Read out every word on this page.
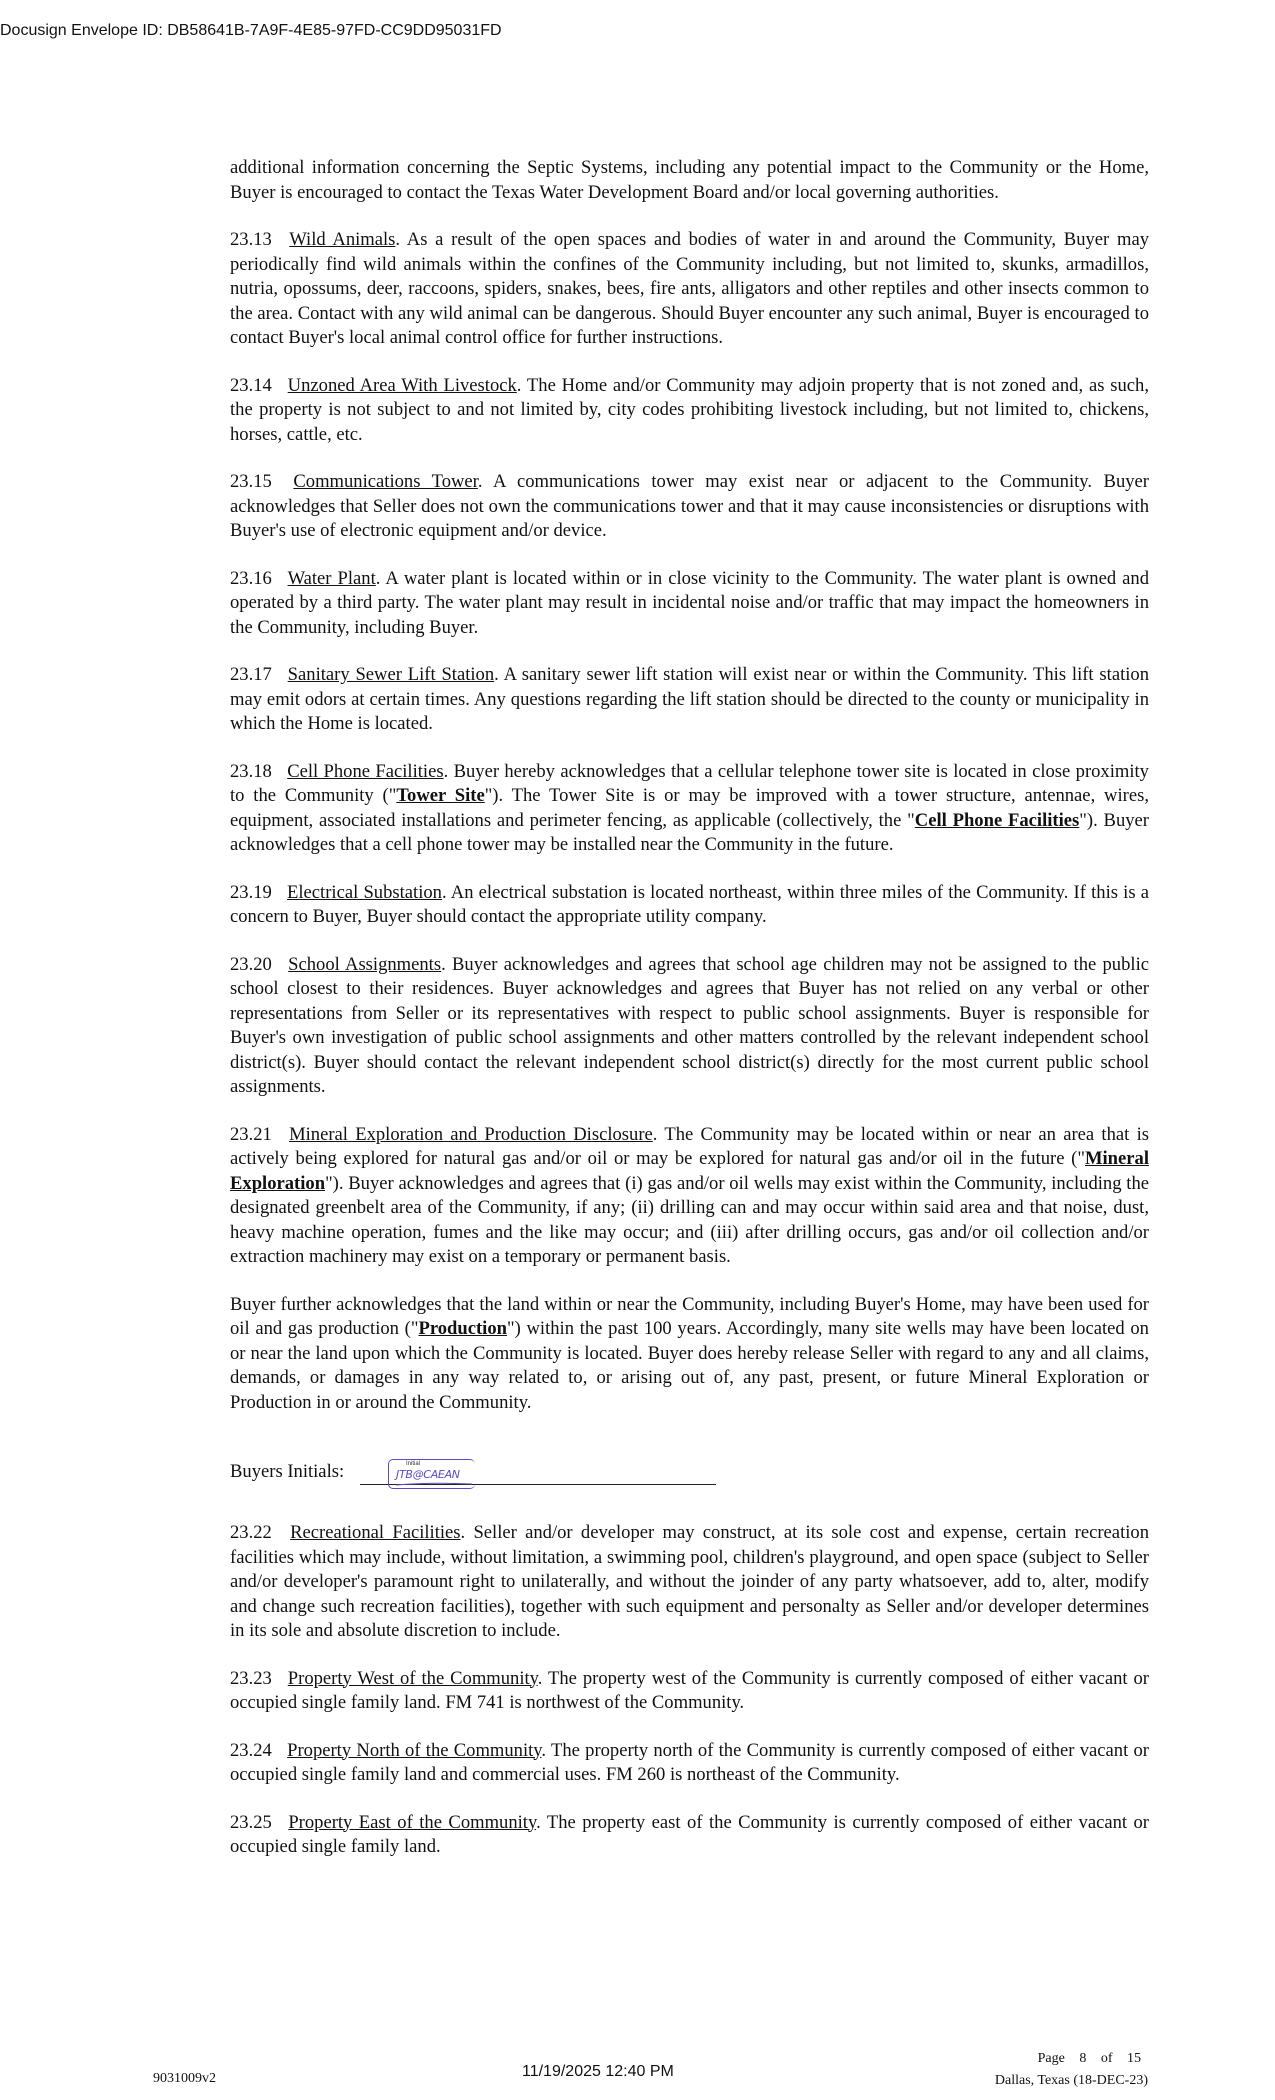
Docusign Envelope ID: DB58641B-7A9F-4E85-97FD-CC9DD95031FD

additional information concerning the Septic Systems, including any potential impact to the Community or the Home, Buyer is encouraged to contact the Texas Water Development Board and/or local governing authorities.

23.13 Wild Animals. As a result of the open spaces and bodies of water in and around the Community, Buyer may periodically find wild animals within the confines of the Community including, but not limited to, skunks, armadillos, nutria, opossums, deer, raccoons, spiders, snakes, bees, fire ants, alligators and other reptiles and other insects common to the area. Contact with any wild animal can be dangerous. Should Buyer encounter any such animal, Buyer is encouraged to contact Buyer's local animal control office for further instructions.

23.14 Unzoned Area With Livestock. The Home and/or Community may adjoin property that is not zoned and, as such, the property is not subject to and not limited by, city codes prohibiting livestock including, but not limited to, chickens, horses, cattle, etc.

23.15 Communications Tower. A communications tower may exist near or adjacent to the Community. Buyer acknowledges that Seller does not own the communications tower and that it may cause inconsistencies or disruptions with Buyer's use of electronic equipment and/or device.

23.16 Water Plant. A water plant is located within or in close vicinity to the Community. The water plant is owned and operated by a third party. The water plant may result in incidental noise and/or traffic that may impact the homeowners in the Community, including Buyer.

23.17 Sanitary Sewer Lift Station. A sanitary sewer lift station will exist near or within the Community. This lift station may emit odors at certain times. Any questions regarding the lift station should be directed to the county or municipality in which the Home is located.

23.18 Cell Phone Facilities. Buyer hereby acknowledges that a cellular telephone tower site is located in close proximity to the Community ("Tower Site"). The Tower Site is or may be improved with a tower structure, antennae, wires, equipment, associated installations and perimeter fencing, as applicable (collectively, the "Cell Phone Facilities"). Buyer acknowledges that a cell phone tower may be installed near the Community in the future.

23.19 Electrical Substation. An electrical substation is located northeast, within three miles of the Community. If this is a concern to Buyer, Buyer should contact the appropriate utility company.

23.20 School Assignments. Buyer acknowledges and agrees that school age children may not be assigned to the public school closest to their residences. Buyer acknowledges and agrees that Buyer has not relied on any verbal or other representations from Seller or its representatives with respect to public school assignments. Buyer is responsible for Buyer's own investigation of public school assignments and other matters controlled by the relevant independent school district(s). Buyer should contact the relevant independent school district(s) directly for the most current public school assignments.

23.21 Mineral Exploration and Production Disclosure. The Community may be located within or near an area that is actively being explored for natural gas and/or oil or may be explored for natural gas and/or oil in the future ("Mineral Exploration"). Buyer acknowledges and agrees that (i) gas and/or oil wells may exist within the Community, including the designated greenbelt area of the Community, if any; (ii) drilling can and may occur within said area and that noise, dust, heavy machine operation, fumes and the like may occur; and (iii) after drilling occurs, gas and/or oil collection and/or extraction machinery may exist on a temporary or permanent basis.

Buyer further acknowledges that the land within or near the Community, including Buyer's Home, may have been used for oil and gas production ("Production") within the past 100 years. Accordingly, many site wells may have been located on or near the land upon which the Community is located. Buyer does hereby release Seller with regard to any and all claims, demands, or damages in any way related to, or arising out of, any past, present, or future Mineral Exploration or Production in or around the Community.

Buyers Initials:	Initial
JTB@CAEAN

23.22 Recreational Facilities. Seller and/or developer may construct, at its sole cost and expense, certain recreation facilities which may include, without limitation, a swimming pool, children's playground, and open space (subject to Seller and/or developer's paramount right to unilaterally, and without the joinder of any party whatsoever, add to, alter, modify and change such recreation facilities), together with such equipment and personalty as Seller and/or developer determines in its sole and absolute discretion to include.

23.23 Property West of the Community. The property west of the Community is currently composed of either vacant or occupied single family land. FM 741 is northwest of the Community.

23.24 Property North of the Community. The property north of the Community is currently composed of either vacant or occupied single family land and commercial uses. FM 260 is northeast of the Community.

23.25 Property East of the Community. The property east of the Community is currently composed of either vacant or occupied single family land.

9031009v2	11/19/2025 12:40 PM
Page 8 of 15
Dallas, Texas (18-DEC-23)
